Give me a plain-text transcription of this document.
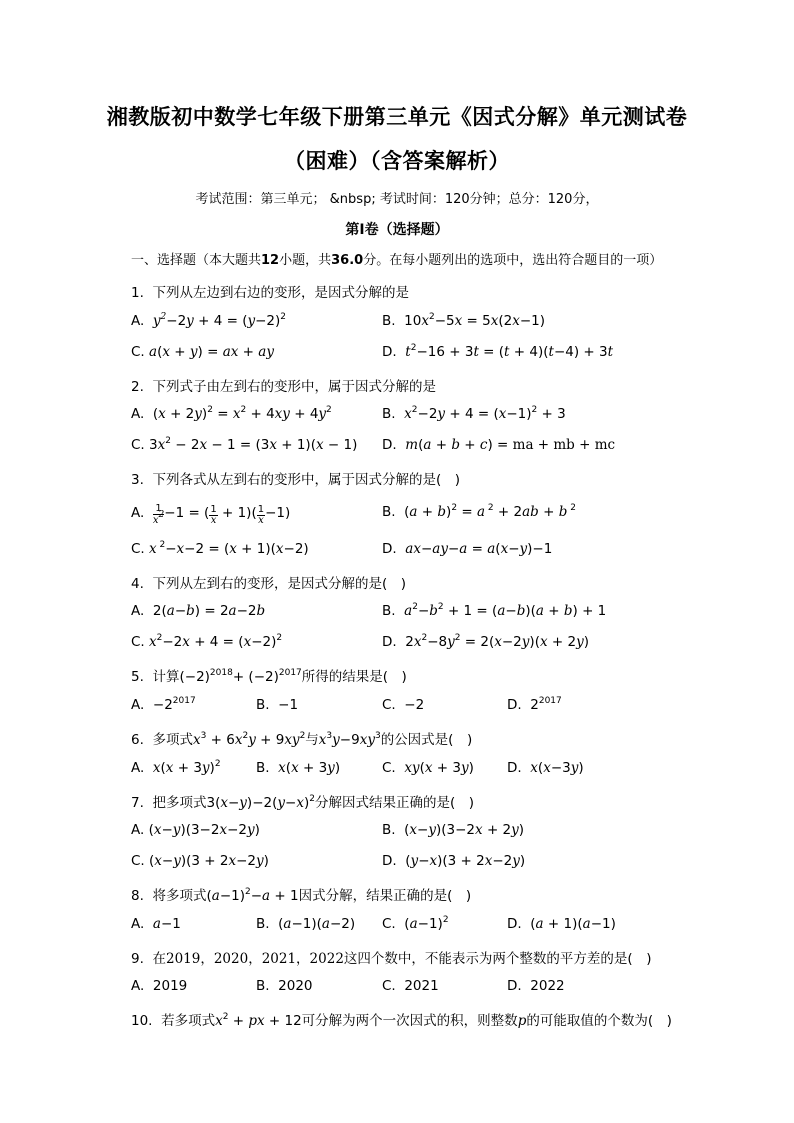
湘教版初中数学七年级下册第三单元《因式分解》单元测试卷
（困难）（含答案解析）
考试范围：第三单元； &nbsp; 考试时间：120分钟；总分：120分，
第I卷（选择题）
一、选择题（本大题共12小题，共36.0分。在每小题列出的选项中，选出符合题目的一项）
1. 下列从左边到右边的变形，是因式分解的是
A. $y^2-2y + 4 = (y-2)^2$	B.  $10x^2-5x = 5x(2x-1)$
C. a(x + y) = ax + ay	D. $t^2-16 + 3t = (t + 4)(t-4) + 3t$
2. 下列式子由左到右的变形中，属于因式分解的是
A.  $(x + 2y)^2 = x^2 + 4xy + 4y^2$	B. $x^2-2y + 4 = (x-1)^2 + 3$
C. $3x^2 - 2x - 1 = (3x + 1)(x - 1)$ D. m(a + b + c) = ma + mb + mc
3. 下列各式从左到右的变形中，属于因式分解的是(　)
A. $\frac{1}{x^2} -1$ = ( $\frac{1}{x} + 1)( \frac{1}{x} -1)$	B.  $(a + b)^2 = a$ $^2$ + 2ab + b $^2$
C. x $^2$−x−2 = (x + 1)(x−2)	D. ax−ay−a = a(x−y)−1
4. 下列从左到右的变形，是因式分解的是(　)
A.  2(a−b) = 2a−2b	B. $a^2-b^2 + 1 = (a-b)(a + b) + 1$
C. $x^2-2x + 4 = (x-2)^2$	D.  $2x^2-8y^2 = 2(x-2y)(x + 2y)$
5. 计算$(-2)^{2018}+ (-2)^{2017}$所得的结果是(　)
A.  $-2^{2017}$	B.  −1	C.  −2	D.  $2^{2017}$
6. 多项式$x^3 + 6x^2y + 9xy^2$与$x^3y-9xy^3$的公因式是(　)
A. $x(x + 3y)^2$	B. x(x + 3y)	C. xy(x + 3y) D. x(x−3y)
7. 把多项式$3(x-y)-2(y-x)^2$分解因式结果正确的是(　)
A. (x−y)(3−2x−2y)	B.  (x−y)(3−2x + 2y)
C. (x−y)(3 + 2x−2y)	D.  (y−x)(3 + 2x−2y)
8. 将多项式$(a-1)^2-a + 1$因式分解，结果正确的是(　)
A. a−1	B.  (a−1)(a−2) C.  $(a-1)^2$	D.  (a + 1)(a−1)
9. 在2019，2020，2021，2022这四个数中，不能表示为两个整数的平方差的是(　)
A. 2019	B. 2020	C. 2021	D. 2022
10. 若多项式$x^2$ + px + 12可分解为两个一次因式的积，则整数p的可能取值的个数为(　)
